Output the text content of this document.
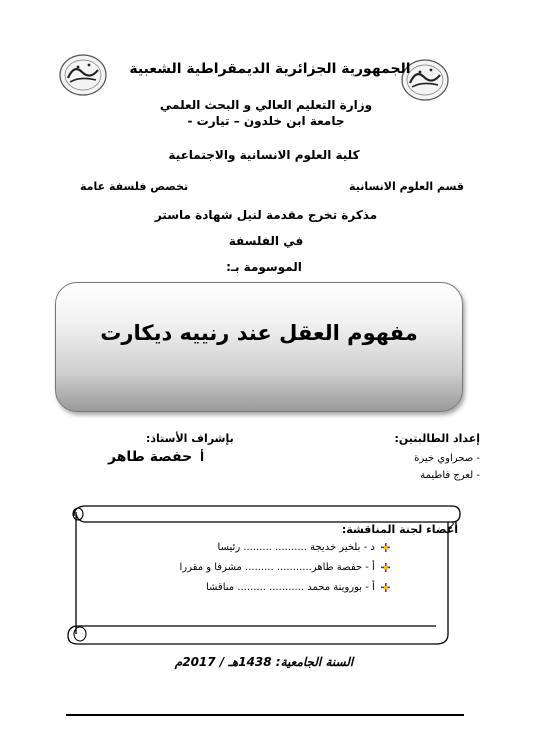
الجمهورية الجزائرية الديمقراطية الشعبية
وزارة التعليم العالي و البحث العلمي
جامعة ابن خلدون – تيارت -
كلية العلوم الانسانية والاجتماعية
قسم العلوم الانسانية
تخصص فلسفة عامة
مذكرة تخرج مقدمة لنيل شهادة ماستر
في الفلسفة
الموسومة بـ:
مفهوم العقل عند رنييه ديكارت
إعداد الطالبتين:
- صحراوي خيرة
- لعرج فاطيمة
بإشراف الأستاذ:
أ
حفصة طاهر
أعضاء لجنة المناقشة:
د - بلخير خديجة .......... ......... رئيسا
أ - حفصة طاهر........... ......... مشرفا و مقررا
أ - بوروينة محمد ........... ......... مناقشا
السنة الجامعية: 1438هـ / 2017م
